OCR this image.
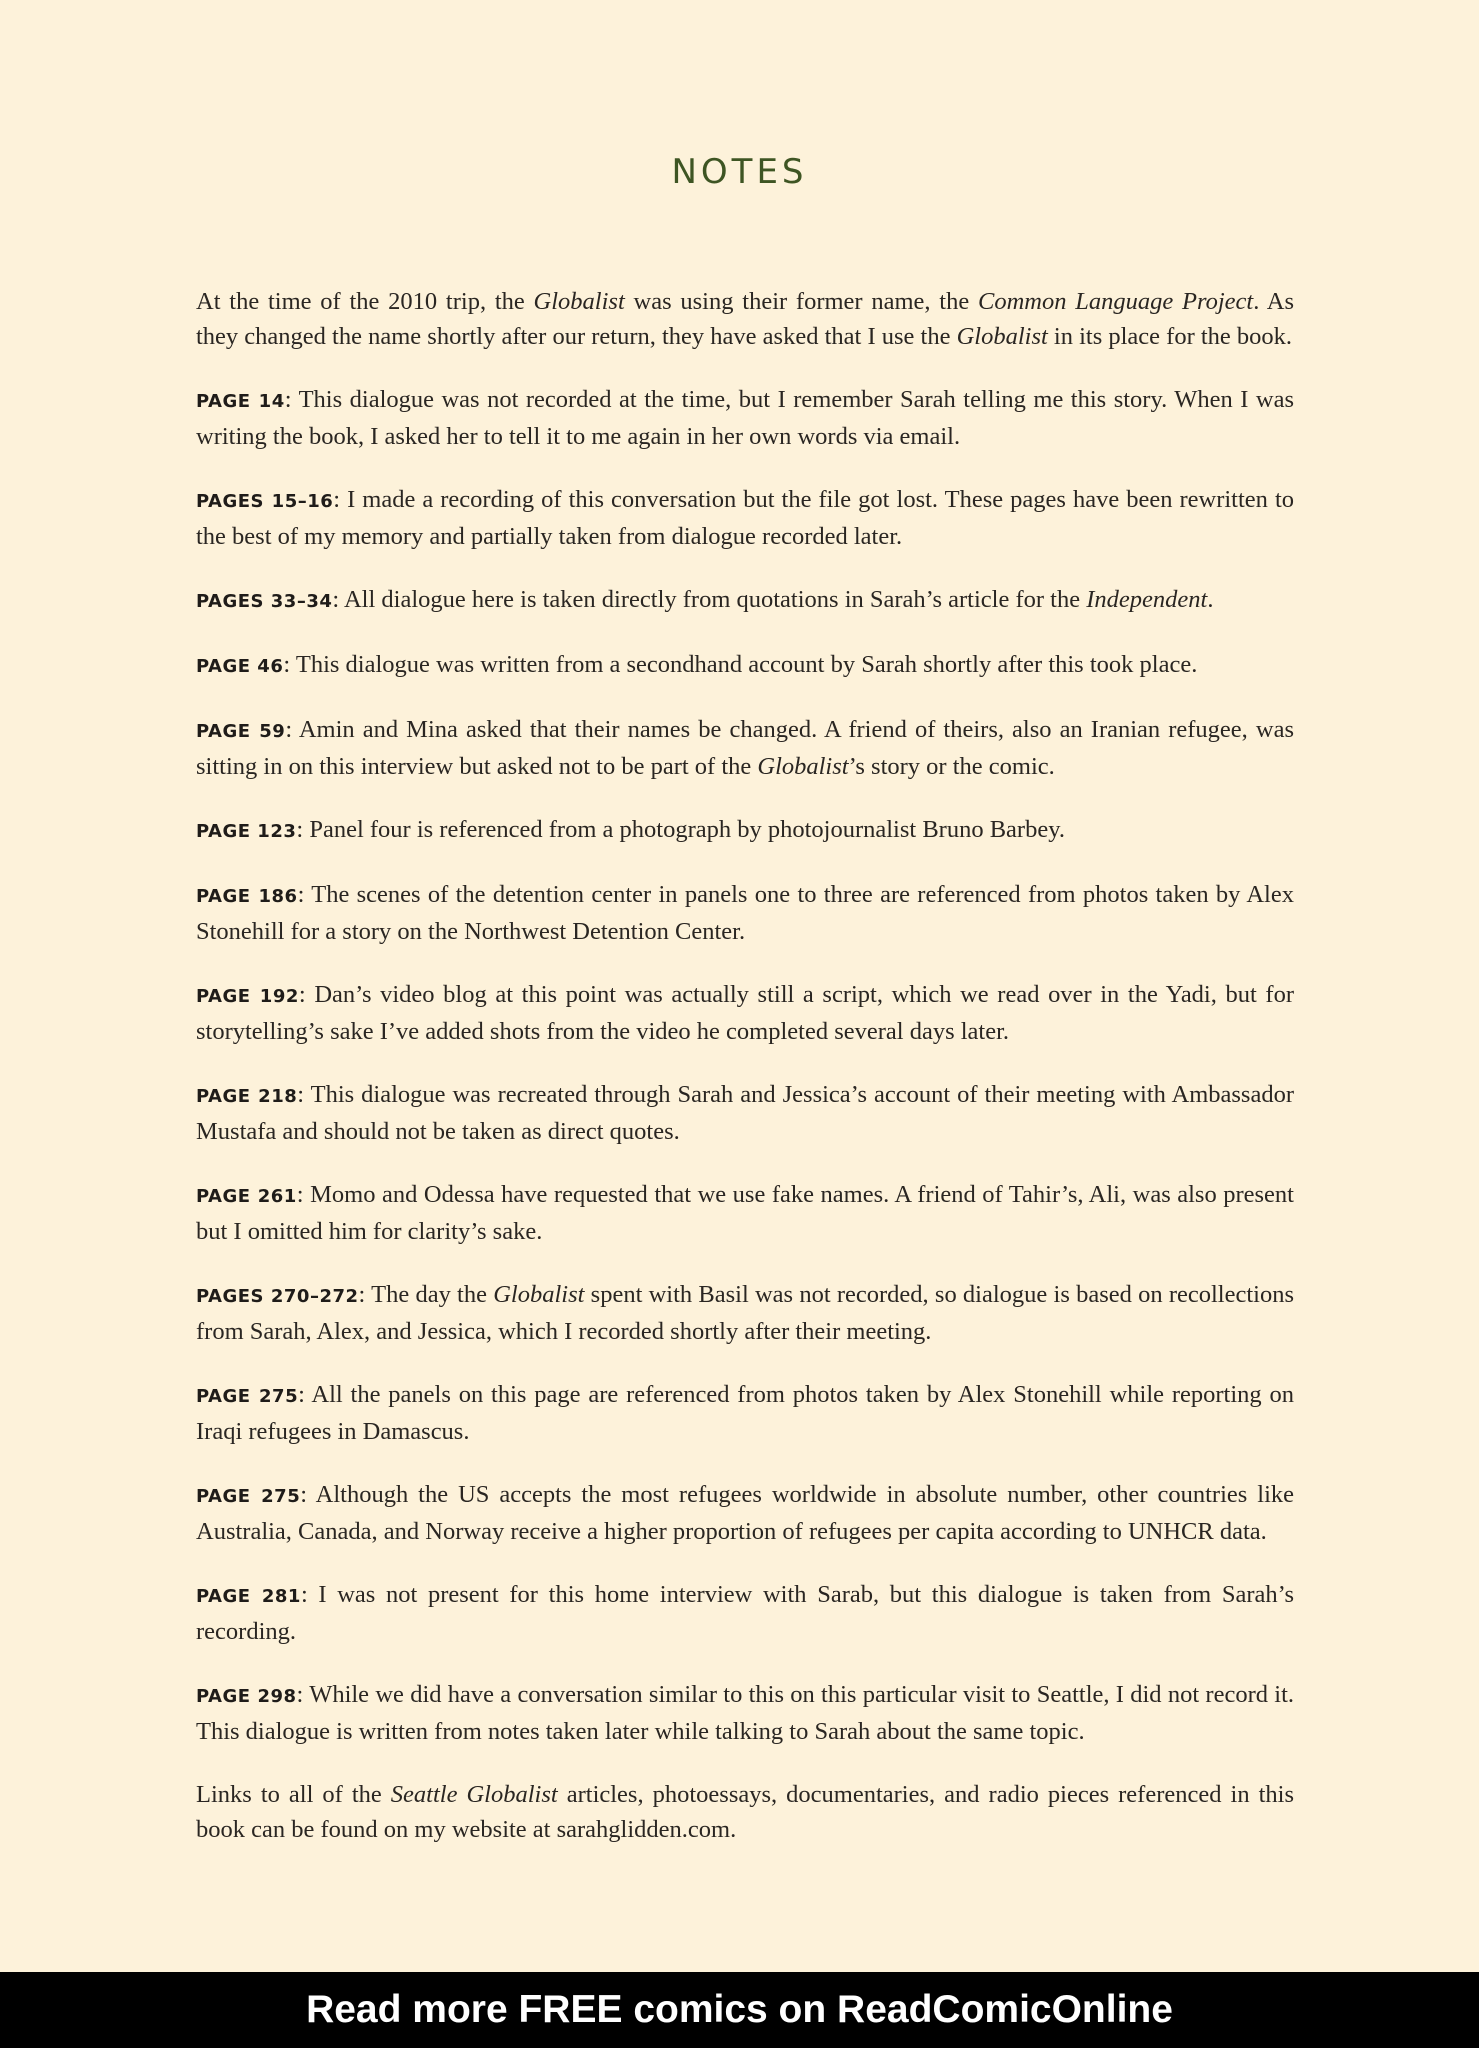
NOTES

At the time of the 2010 trip, the Globalist was using their former name, the Common Language Project. As they changed the name shortly after our return, they have asked that I use the Globalist in its place for the book.

PAGE 14: This dialogue was not recorded at the time, but I remember Sarah telling me this story. When I was writing the book, I asked her to tell it to me again in her own words via email.

PAGES 15–16: I made a recording of this conversation but the file got lost. These pages have been rewritten to the best of my memory and partially taken from dialogue recorded later.

PAGES 33–34: All dialogue here is taken directly from quotations in Sarah’s article for the Independent.

PAGE 46: This dialogue was written from a secondhand account by Sarah shortly after this took place.

PAGE 59: Amin and Mina asked that their names be changed. A friend of theirs, also an Iranian refugee, was sitting in on this interview but asked not to be part of the Globalist’s story or the comic.

PAGE 123: Panel four is referenced from a photograph by photojournalist Bruno Barbey.

PAGE 186: The scenes of the detention center in panels one to three are referenced from photos taken by Alex Stonehill for a story on the Northwest Detention Center.

PAGE 192: Dan’s video blog at this point was actually still a script, which we read over in the Yadi, but for storytelling’s sake I’ve added shots from the video he completed several days later.

PAGE 218: This dialogue was recreated through Sarah and Jessica’s account of their meeting with Ambassador Mustafa and should not be taken as direct quotes.

PAGE 261: Momo and Odessa have requested that we use fake names. A friend of Tahir’s, Ali, was also present but I omitted him for clarity’s sake.

PAGES 270–272: The day the Globalist spent with Basil was not recorded, so dialogue is based on recollections from Sarah, Alex, and Jessica, which I recorded shortly after their meeting.

PAGE 275: All the panels on this page are referenced from photos taken by Alex Stonehill while reporting on Iraqi refugees in Damascus.

PAGE 275: Although the US accepts the most refugees worldwide in absolute number, other countries like Australia, Canada, and Norway receive a higher proportion of refugees per capita according to UNHCR data.

PAGE 281: I was not present for this home interview with Sarab, but this dialogue is taken from Sarah’s recording.

PAGE 298: While we did have a conversation similar to this on this particular visit to Seattle, I did not record it. This dialogue is written from notes taken later while talking to Sarah about the same topic.

Links to all of the Seattle Globalist articles, photoessays, documentaries, and radio pieces referenced in this book can be found on my website at sarahglidden.com.

Read more FREE comics on ReadComicOnline
